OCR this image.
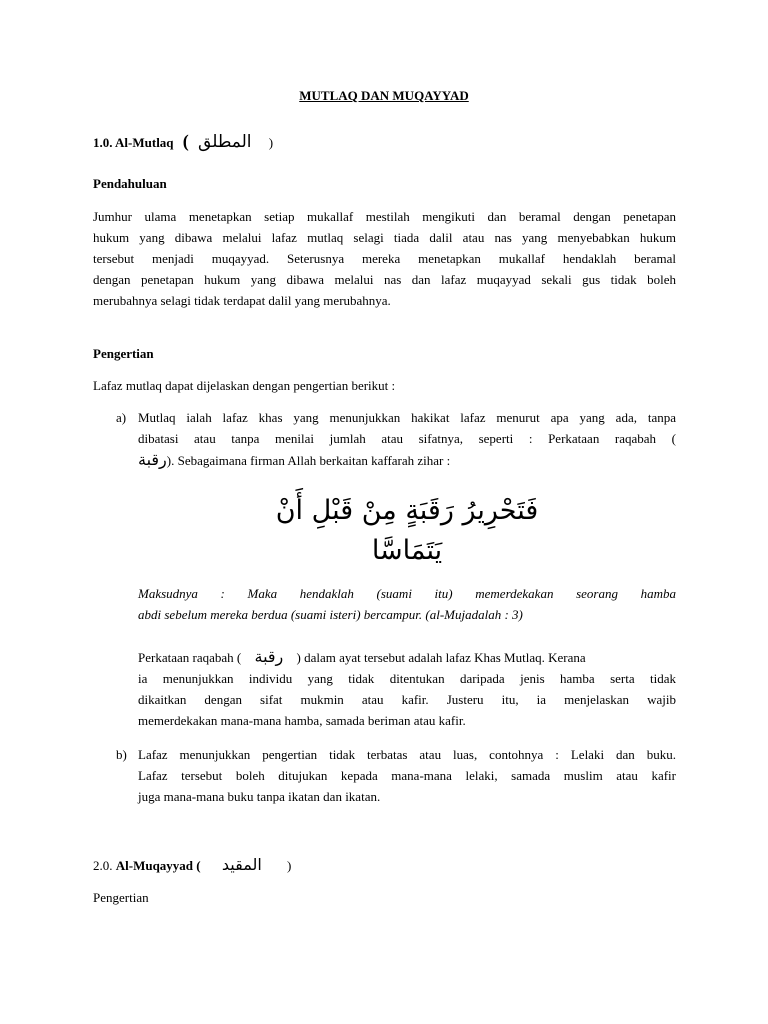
MUTLAQ DAN MUQAYYAD
1.0. Al-Mutlaq ( المطلق )
Pendahuluan
Jumhur ulama menetapkan setiap mukallaf mestilah mengikuti dan beramal dengan penetapan
hukum yang dibawa melalui lafaz mutlaq selagi tiada dalil atau nas yang menyebabkan hukum
tersebut menjadi muqayyad. Seterusnya mereka menetapkan mukallaf hendaklah beramal
dengan penetapan hukum yang dibawa melalui nas dan lafaz muqayyad sekali gus tidak boleh
merubahnya selagi tidak terdapat dalil yang merubahnya.
Pengertian
Lafaz mutlaq dapat dijelaskan dengan pengertian berikut :
a) Mutlaq ialah lafaz khas yang menunjukkan hakikat lafaz menurut apa yang ada, tanpa
dibatasi atau tanpa menilai jumlah atau sifatnya, seperti : Perkataan raqabah (
رقبة). Sebagaimana firman Allah berkaitan kaffarah zihar :
فَتَحْرِيرُ رَقَبَةٍ مِنْ قَبْلِ أَنْ
يَتَمَاسَّا
Maksudnya : Maka hendaklah (suami itu) memerdekakan seorang hamba
abdi sebelum mereka berdua (suami isteri) bercampur. (al-Mujadalah : 3)
Perkataan raqabah ( رقبة ) dalam ayat tersebut adalah lafaz Khas Mutlaq. Kerana
ia menunjukkan individu yang tidak ditentukan daripada jenis hamba serta tidak
dikaitkan dengan sifat mukmin atau kafir. Justeru itu, ia menjelaskan wajib
memerdekakan mana-mana hamba, samada beriman atau kafir.
b) Lafaz menunjukkan pengertian tidak terbatas atau luas, contohnya : Lelaki dan buku.
Lafaz tersebut boleh ditujukan kepada mana-mana lelaki, samada muslim atau kafir
juga mana-mana buku tanpa ikatan dan ikatan.
2.0. Al-Muqayyad ( المقيد )
Pengertian
